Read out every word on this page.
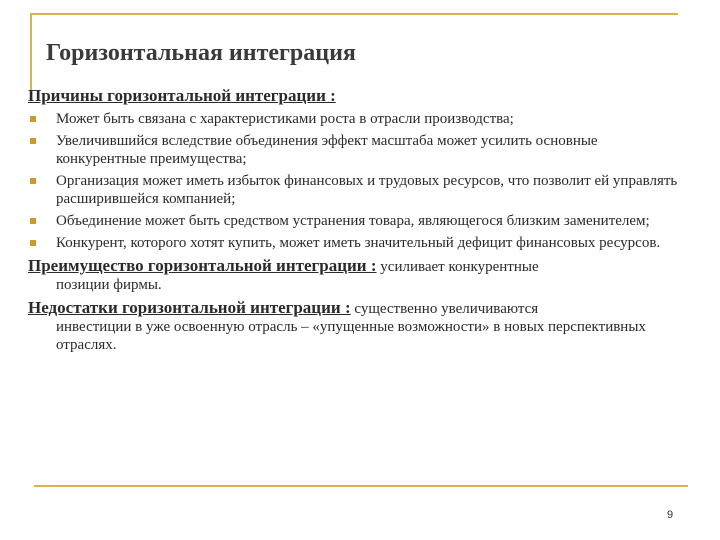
Горизонтальная интеграция
Причины горизонтальной интеграции :
Может быть связана с характеристиками роста в отрасли производства;
Увеличившийся вследствие объединения эффект масштаба может усилить основные конкурентные преимущества;
Организация может иметь избыток финансовых и трудовых ресурсов, что позволит ей управлять расширившейся компанией;
Объединение может быть средством устранения товара, являющегося близким заменителем;
Конкурент, которого хотят купить, может иметь значительный дефицит финансовых ресурсов.
Преимущество горизонтальной интеграции : усиливает конкурентные
позиции фирмы.
Недостатки горизонтальной интеграции : существенно увеличиваются
инвестиции в уже освоенную отрасль – «упущенные возможности» в новых перспективных отраслях.
9
